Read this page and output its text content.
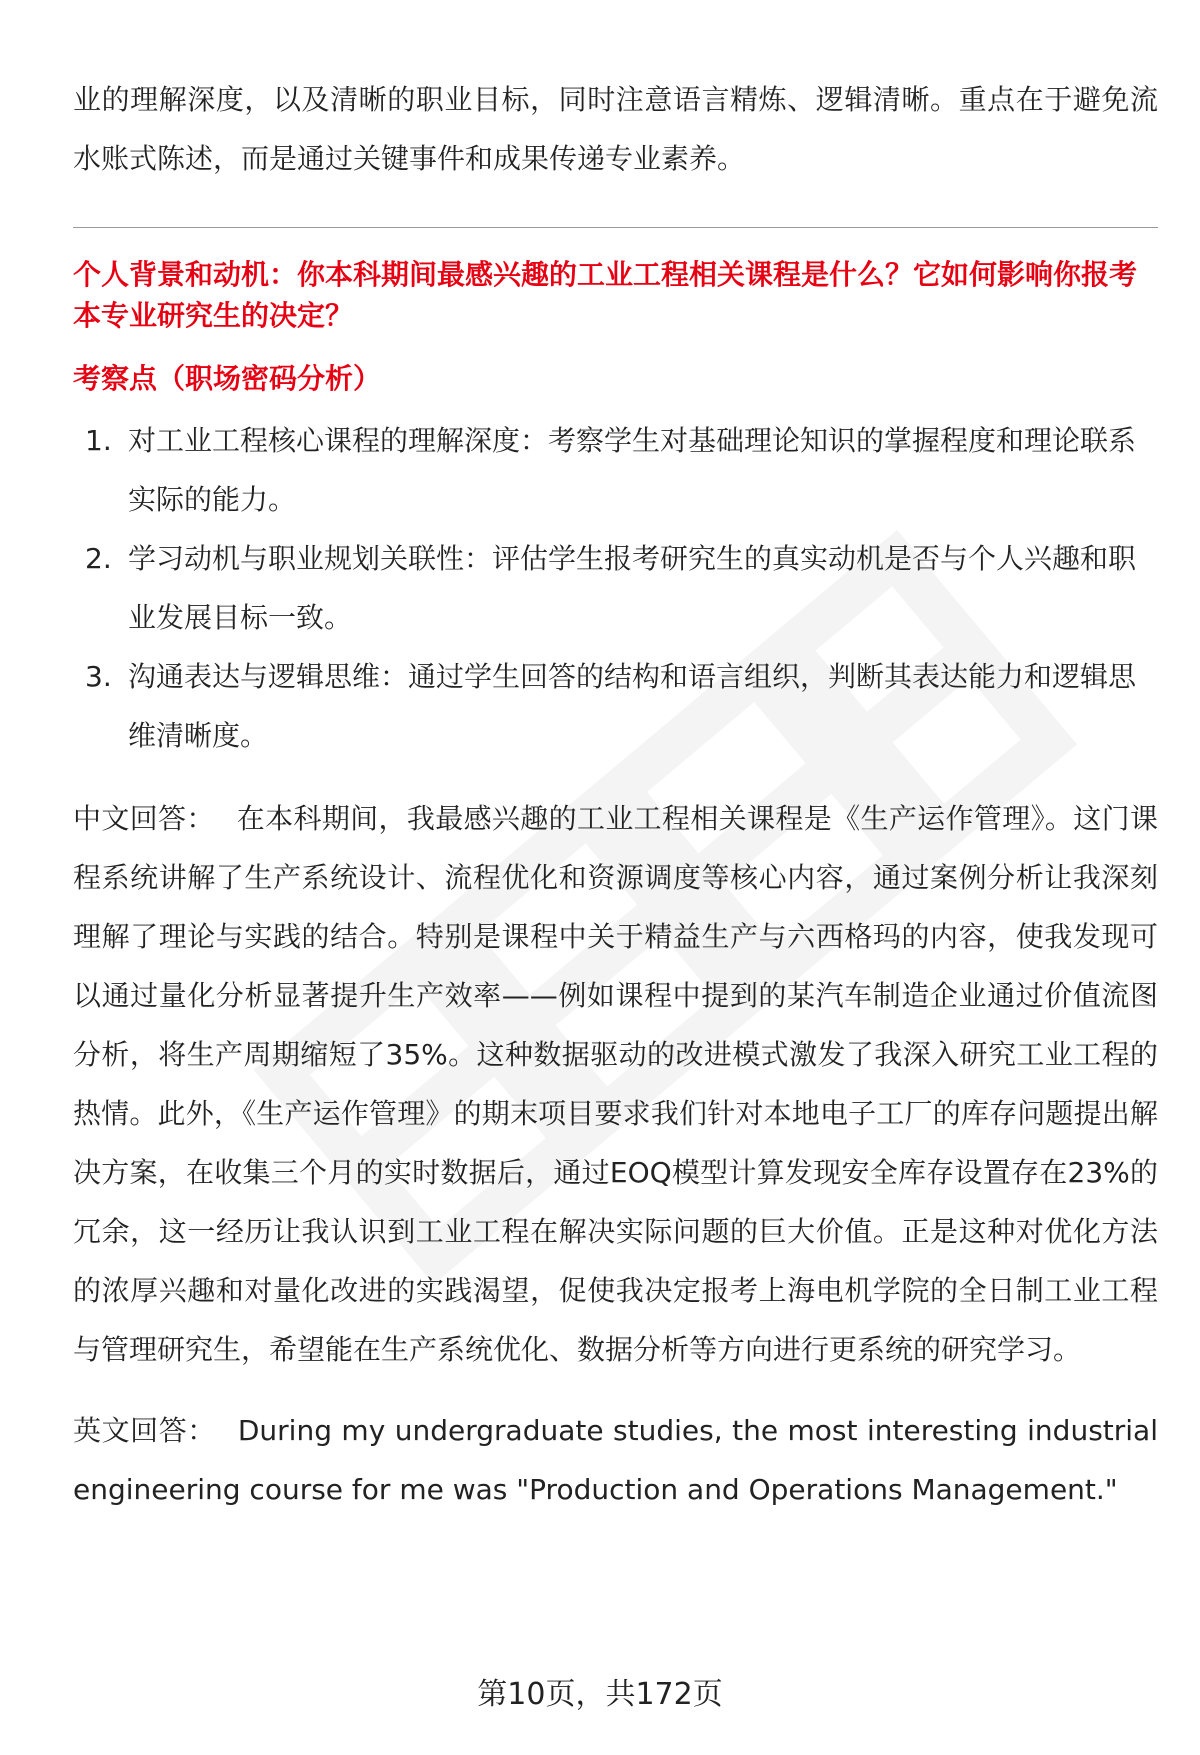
业的理解深度，以及清晰的职业目标，同时注意语言精炼、逻辑清晰。重点在于避免流水账式陈述，而是通过关键事件和成果传递专业素养。

个人背景和动机：你本科期间最感兴趣的工业工程相关课程是什么？它如何影响你报考本专业研究生的决定？

考察点（职场密码分析）

1. 对工业工程核心课程的理解深度：考察学生对基础理论知识的掌握程度和理论联系实际的能力。
2. 学习动机与职业规划关联性：评估学生报考研究生的真实动机是否与个人兴趣和职业发展目标一致。
3. 沟通表达与逻辑思维：通过学生回答的结构和语言组织，判断其表达能力和逻辑思维清晰度。

中文回答： 在本科期间，我最感兴趣的工业工程相关课程是《生产运作管理》。这门课程系统讲解了生产系统设计、流程优化和资源调度等核心内容，通过案例分析让我深刻理解了理论与实践的结合。特别是课程中关于精益生产与六西格玛的内容，使我发现可以通过量化分析显著提升生产效率——例如课程中提到的某汽车制造企业通过价值流图分析，将生产周期缩短了35%。这种数据驱动的改进模式激发了我深入研究工业工程的热情。此外，《生产运作管理》的期末项目要求我们针对本地电子工厂的库存问题提出解决方案，在收集三个月的实时数据后，通过EOQ模型计算发现安全库存设置存在23%的冗余，这一经历让我认识到工业工程在解决实际问题的巨大价值。正是这种对优化方法的浓厚兴趣和对量化改进的实践渴望，促使我决定报考上海电机学院的全日制工业工程与管理研究生，希望能在生产系统优化、数据分析等方向进行更系统的研究学习。

英文回答： During my undergraduate studies, the most interesting industrial engineering course for me was "Production and Operations Management."

第10页，共172页
